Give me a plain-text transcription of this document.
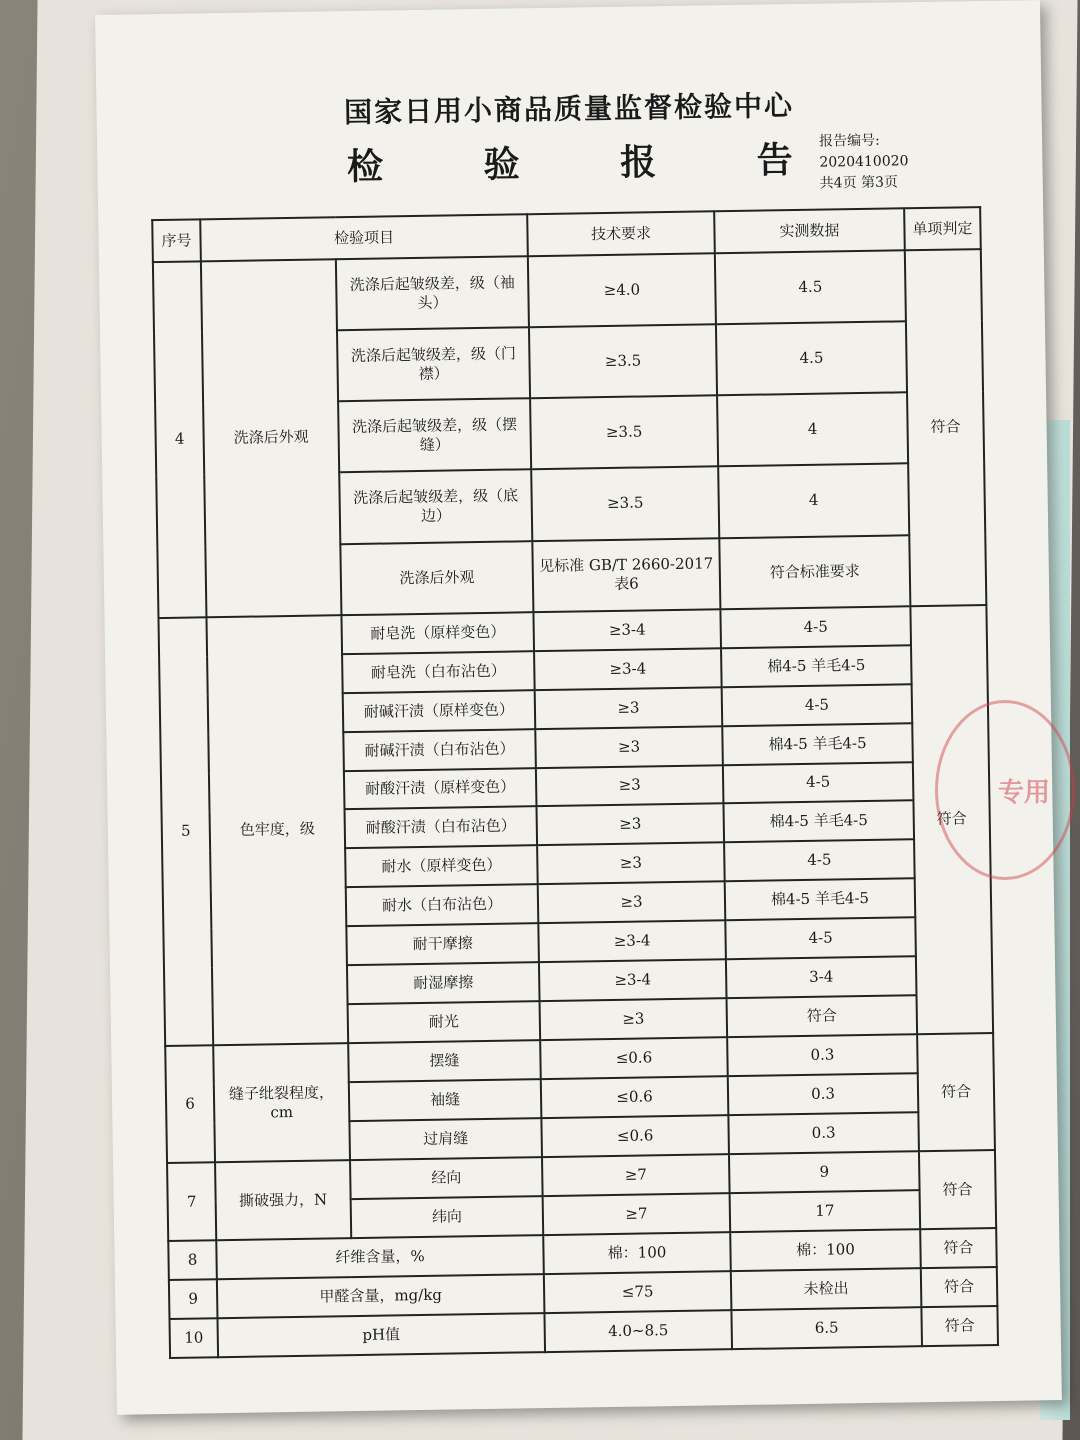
国家日用小商品质量监督检验中心
检 验 报 告
报告编号:
2020410020
共4页 第3页
序号	检验项目		技术要求	实测数据	单项判定
4	洗涤后外观	洗涤后起皱级差，级（袖头）	≥4.0	4.5	符合
		洗涤后起皱级差，级（门襟）	≥3.5	4.5	
		洗涤后起皱级差，级（摆缝）	≥3.5	4	
		洗涤后起皱级差，级（底边）	≥3.5	4	
		洗涤后外观	见标准 GB/T 2660-2017表6	符合标准要求	
5	色牢度，级	耐皂洗（原样变色）	≥3-4	4-5	符合
		耐皂洗（白布沾色）	≥3-4	棉4-5 羊毛4-5	
		耐碱汗渍（原样变色）	≥3	4-5	
		耐碱汗渍（白布沾色）	≥3	棉4-5 羊毛4-5	
		耐酸汗渍（原样变色）	≥3	4-5	
		耐酸汗渍（白布沾色）	≥3	棉4-5 羊毛4-5	
		耐水（原样变色）	≥3	4-5	
		耐水（白布沾色）	≥3	棉4-5 羊毛4-5	
		耐干摩擦	≥3-4	4-5	
		耐湿摩擦	≥3-4	3-4	
		耐光	≥3	符合	
6	缝子纰裂程度，cm	摆缝	≤0.6	0.3	符合
		袖缝	≤0.6	0.3	
		过肩缝	≤0.6	0.3	
7	撕破强力，N	经向	≥7	9	符合
		纬向	≥7	17	
8	纤维含量，%		棉：100	棉：100	符合
9	甲醛含量，mg/kg		≤75	未检出	符合
10	pH值		4.0~8.5	6.5	符合
专用
